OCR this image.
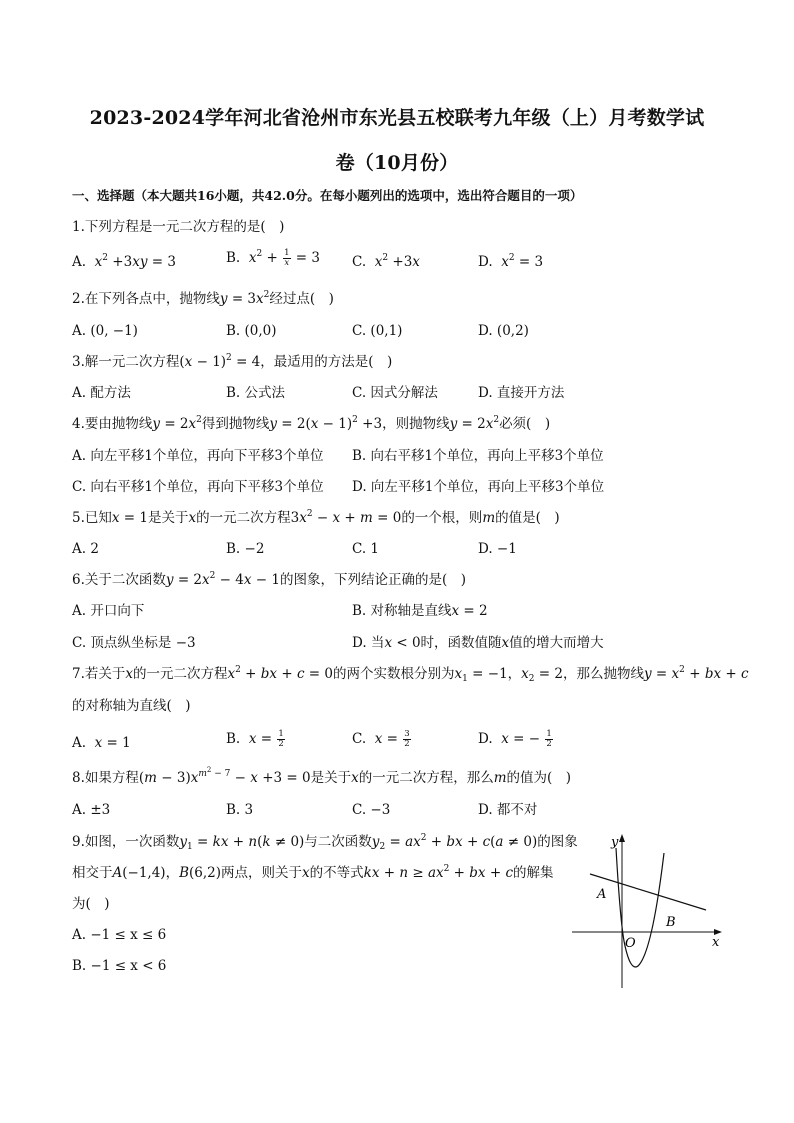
2023-2024学年河北省沧州市东光县五校联考九年级（上）月考数学试
卷（10月份）
一、选择题（本大题共16小题，共42.0分。在每小题列出的选项中，选出符合题目的一项）
1.下列方程是一元二次方程的是(　)
A. $x^2 +3xy = 3$	B. $x^2 + \frac{1}{x} = 3$ C. $x^2 +3x$	D. $x^2 = 3$
2.在下列各点中，抛物线$y = 3x^2$经过点(　)
A. (0, −1)	B. (0,0)	C. (0,1)	D. (0,2)
3.解一元二次方程$(x - 1)^2 = 4$，最适用的方法是(　)
A. 配方法	B. 公式法	C. 因式分解法	D. 直接开方法
4.要由抛物线$y = 2x^2$得到抛物线$y = 2(x - 1)^2 +3$，则抛物线$y = 2x^2$必须(　)
A. 向左平移1个单位，再向下平移3个单位 B. 向右平移1个单位，再向上平移3个单位
C. 向右平移1个单位，再向下平移3个单位 D. 向左平移1个单位，再向上平移3个单位
5.已知x = 1是关于x的一元二次方程$3x^2 - x + m = 0$的一个根，则m的值是(　)
A. 2	B. −2	C. 1	D. −1
6.关于二次函数$y = 2x^2 - 4x - 1$的图象，下列结论正确的是(　)
A. 开口向下	B. 对称轴是直线x = 2
C. 顶点纵坐标是 −3	D. 当x < 0时，函数值随x值的增大而增大
7.若关于x的一元二次方程$x^2$ + bx + c = 0的两个实数根分别为$x_1 = -1$，$x_2 = 2$，那么抛物线$y = x^2$ + bx + c
的对称轴为直线(　)
A. x = 1	B. $x = \frac{1}{2}$	C. $x = \frac{3}{2}$	D. x = − $\frac{1}{2}$
8.如果方程$(m - 3)x^{m^2 - 7} - x +3 = 0$是关于x的一元二次方程，那么m的值为(　)
A. ±3	B. 3	C. −3	D. 都不对
9.如图，一次函数$y_1$ = kx + n(k ≠ 0)与二次函数$y_2 = ax^2$ + bx + c(a ≠ 0)的图象
相交于A(−1,4)，B(6,2)两点，则关于x的不等式kx + $n \ge ax^2$ + bx + c的解集
为(　)
A. −1 ≤ x ≤ 6
B. −1 ≤ x < 6
y
x
O
A
B
